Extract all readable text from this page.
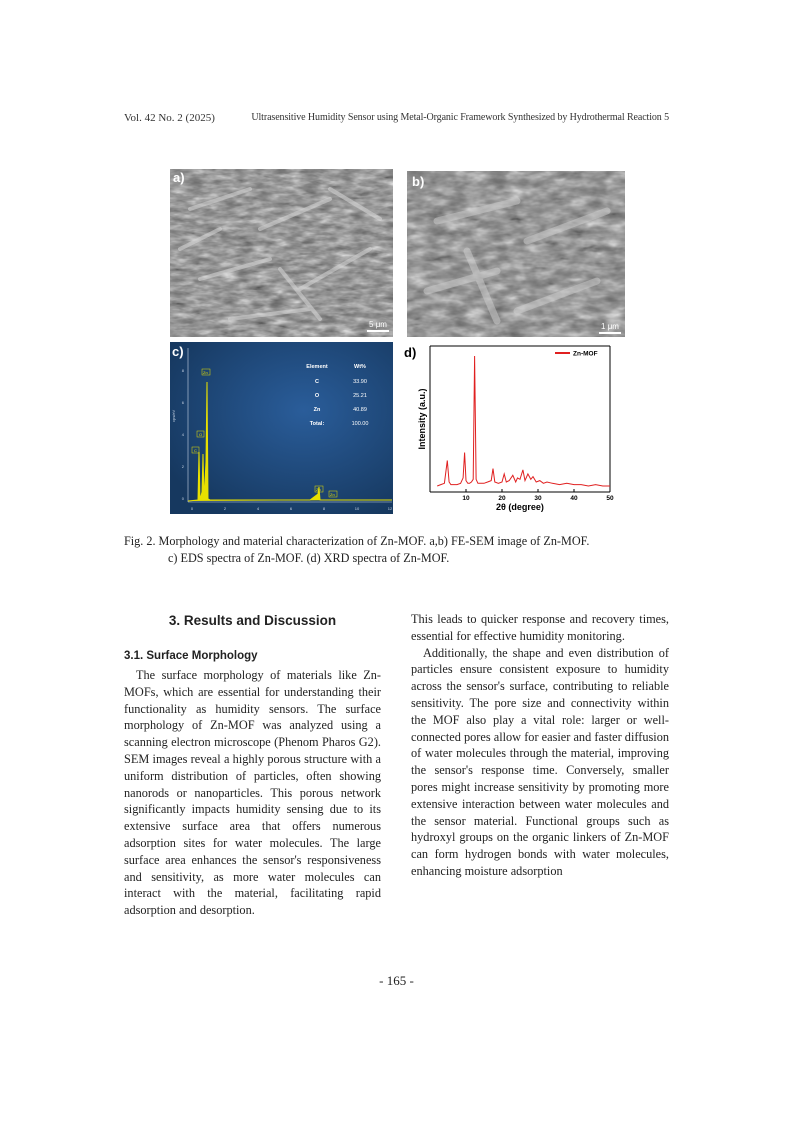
Vol. 42 No. 2 (2025)	Ultrasensitive Humidity Sensor using Metal-Organic Framework Synthesized by Hydrothermal Reaction 5
a)
5 μm
b)
1 μm
cps/eV
0
2
4
6
8
0	2	4	6	8	10	12
Zn
O
C
Zn
Zn
Element	Wt%
C	33.90
O	25.21
Zn	40.89
Total:	100.00
c)
10	20	30	40	50
Zn-MOF
2θ (degree)
Intensity (a.u.)
d)
Fig. 2. Morphology and material characterization of Zn-MOF. a,b) FE-SEM image of Zn-MOF.
c) EDS spectra of Zn-MOF. (d) XRD spectra of Zn-MOF.
3. Results and Discussion
3.1. Surface Morphology

The surface morphology of materials like Zn-MOFs, which are essential for understanding their functionality as humidity sensors. The surface morphology of Zn-MOF was analyzed using a scanning electron microscope (Phenom Pharos G2). SEM images reveal a highly porous structure with a uniform distribution of particles, often showing nanorods or nanoparticles. This porous network significantly impacts humidity sensing due to its extensive surface area that offers numerous adsorption sites for water molecules. The large surface area enhances the sensor's responsiveness and sensitivity, as more water molecules can interact with the material, facilitating rapid adsorption and desorption.

This leads to quicker response and recovery times, essential for effective humidity monitoring.

Additionally, the shape and even distribution of particles ensure consistent exposure to humidity across the sensor's surface, contributing to reliable sensitivity. The pore size and connectivity within the MOF also play a vital role: larger or well-connected pores allow for easier and faster diffusion of water molecules through the material, improving the sensor's response time. Conversely, smaller pores might increase sensitivity by promoting more extensive interaction between water molecules and the sensor material. Functional groups such as hydroxyl groups on the organic linkers of Zn-MOF can form hydrogen bonds with water molecules, enhancing moisture adsorption

- 165 -
